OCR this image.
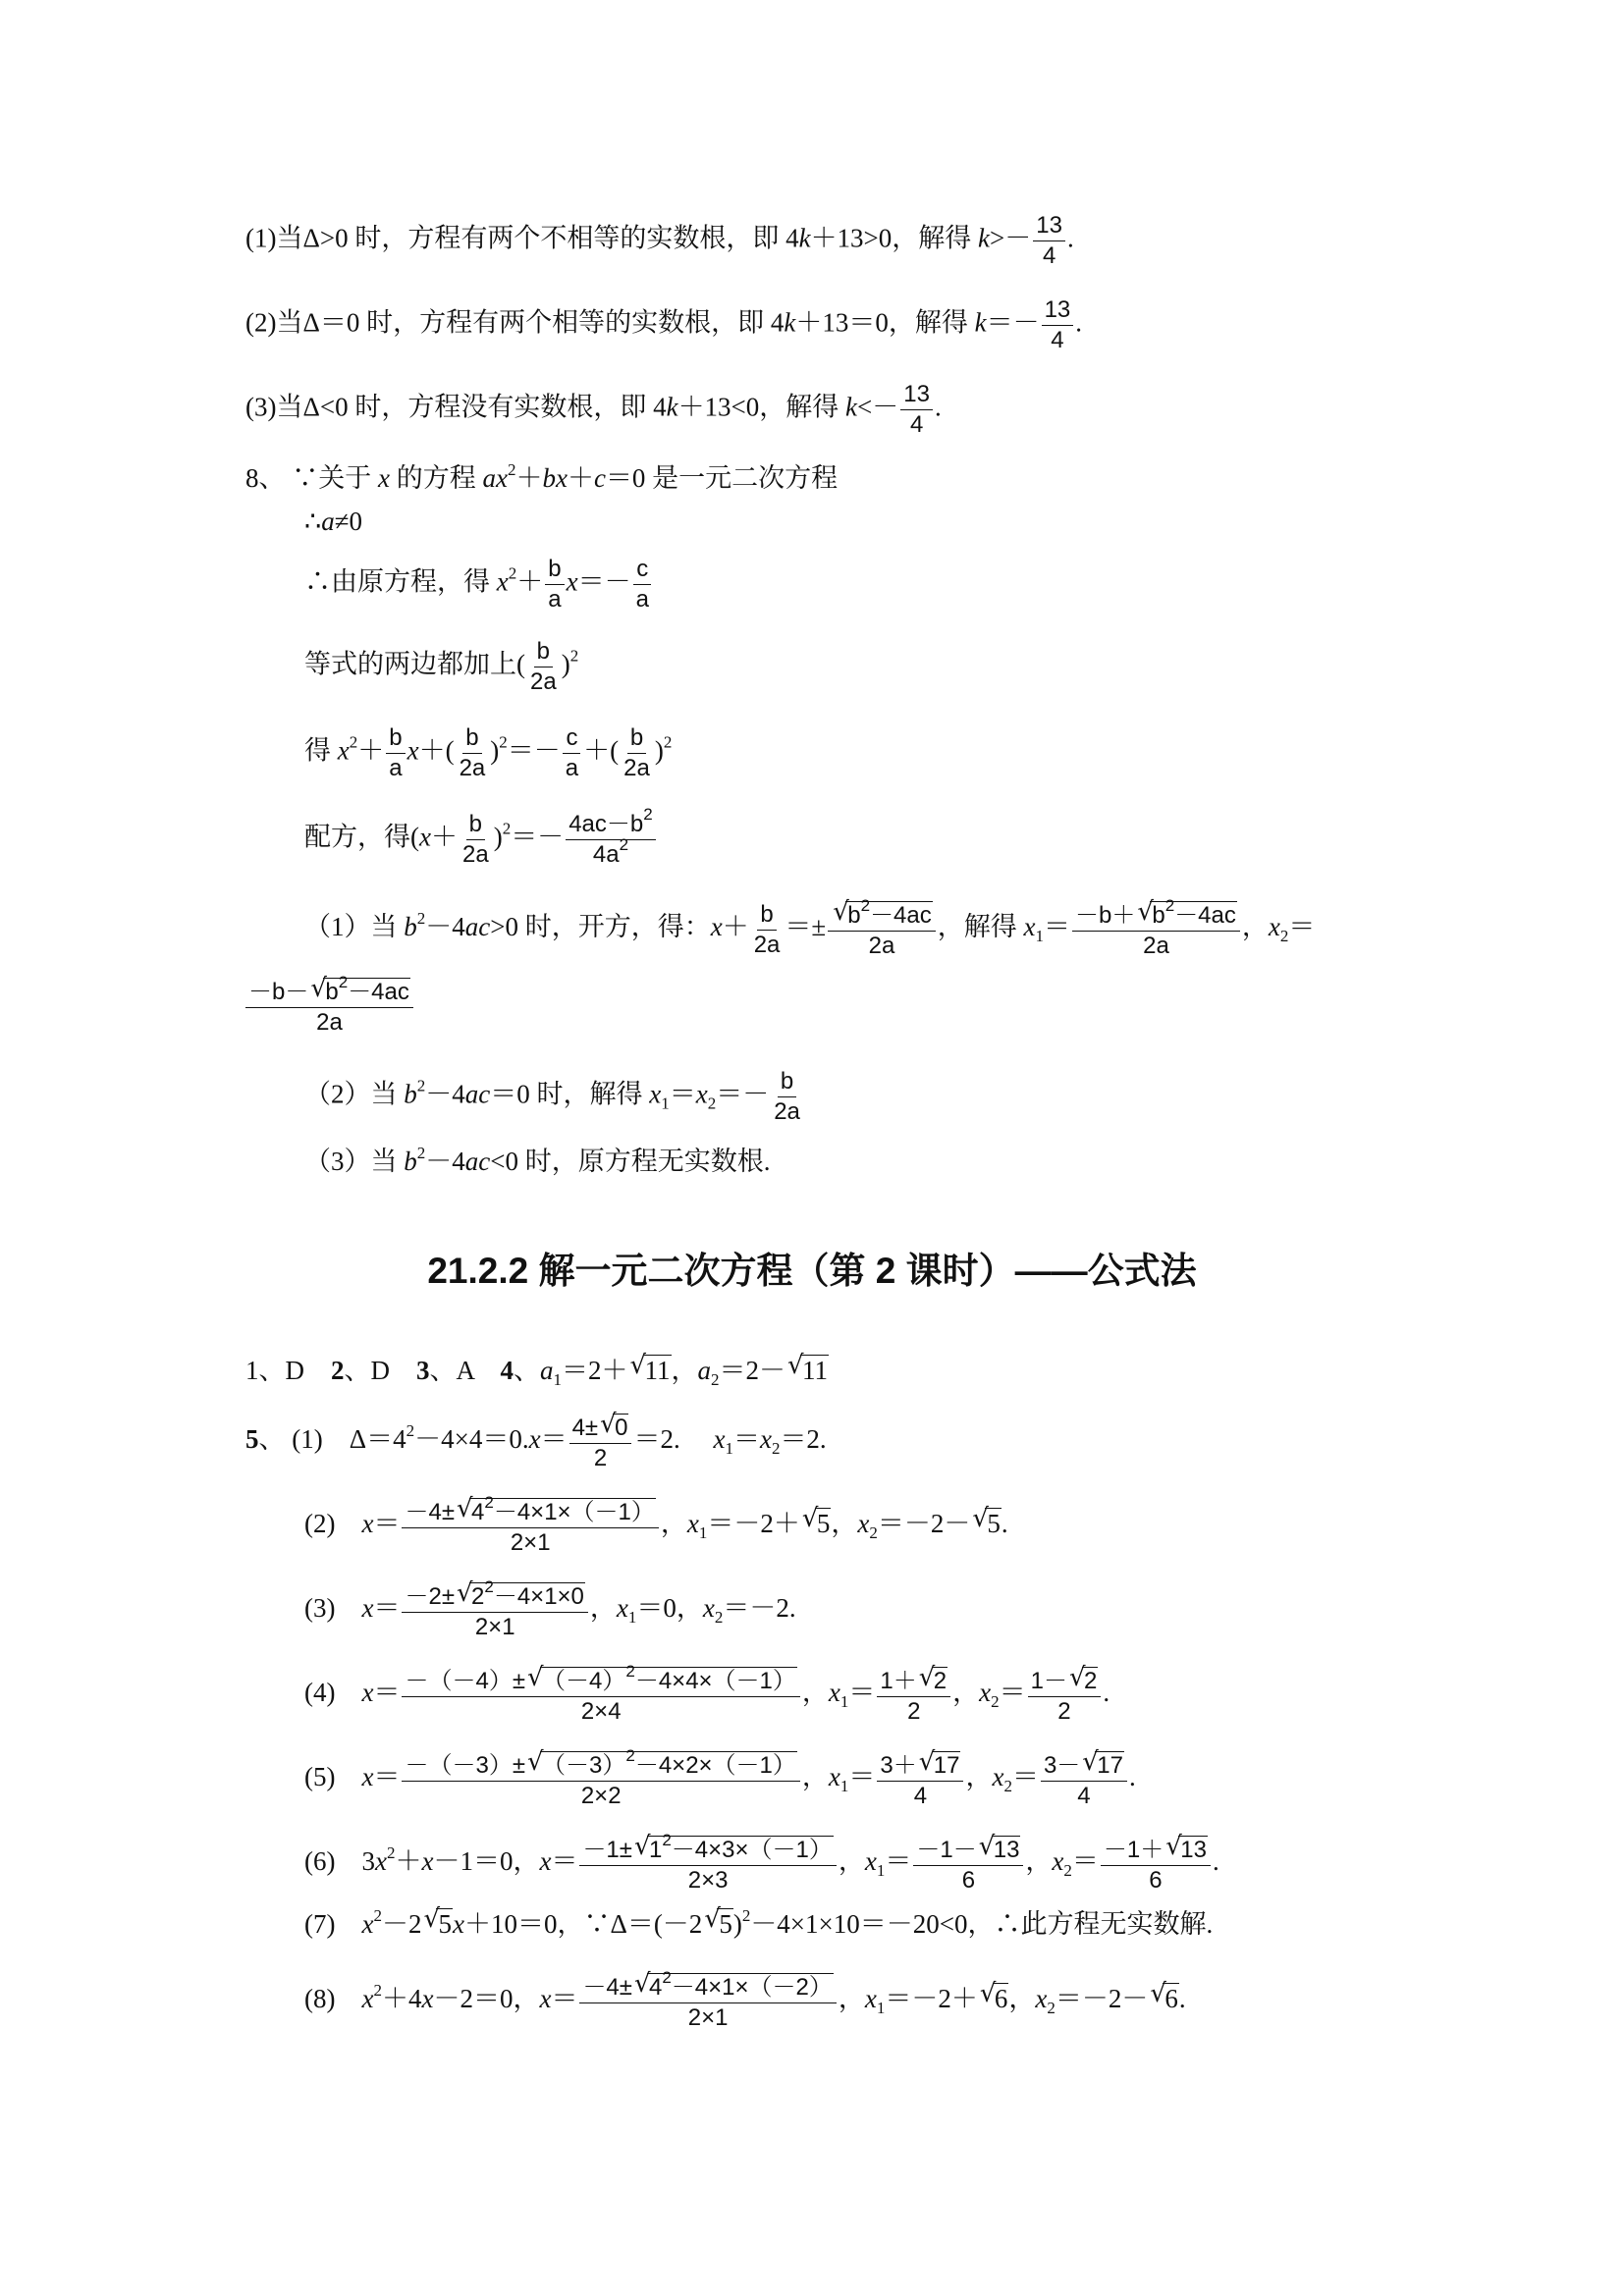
(1)当Δ>0 时，方程有两个不相等的实数根，即 4k＋13>0，解得 $k>- \frac{13}{4}$ .
(2)当Δ＝0 时，方程有两个相等的实数根，即 4k＋13＝0，解得 $k=- \frac{13}{4}$ .
(3)当Δ<0 时，方程没有实数根，即 4k＋13<0，解得 $k<- \frac{13}{4}$ .
8、 ∵关于 x 的方程 $ax^2+bx+c=0$ 是一元二次方程
∴a≠0
∴由原方程，得 $x^2+ \frac{b}{a} x=- \frac{c}{a}$
等式的两边都加上( $\frac{b}{2a} )^2$
得 $x^2+ \frac{b}{a} x+( \frac{b}{2a} )^2=- \frac{c}{a}$ ＋( $\frac{b}{2a} )^2$
配方，得$(x+ \frac{b}{2a} )^2=- \frac{4ac-b^2}{4a^2}$
（1）当 $b^2-4ac>0$ 时，开方，得：$x+ \frac{b}{2a}$ ＝±
√ $\frac{b^2-4ac}{2a}$ ，解得 $x_1= \frac{-b+√ b^2-4ac}{2a}$ ，$x_2=$
$\frac{-b-√ b^2-4ac}{2a}$
（2）当 $b^2-4ac=0$ 时，解得 $x_1=x_2=- \frac{b}{2a}$
（3）当 $b^2-4ac<0$ 时，原方程无实数根.
21.2.2 解一元二次方程（第 2 课时）——公式法
1、D　2、D　3、A　4、$a_1=2+√$ 11，$a_2=2-√$ 11
5、 (1)　$\Delta=4^2-4\times 4=0.x= \frac{4\pm√ 0}{2} =2$.　 $x_1=x_2=2$.
(2)　$x= \frac{-4\pm√ 4^2-4\times 1\times(-1)}{2\times 1}$ ，$x_1=-2+√$ 5，$x_2=-2-√$ 5.
(3)　$x= \frac{-2\pm√ 2^2-4\times 1\times 0}{2\times 1}$ ，$x_1=0$，$x_2=-2$.
(4)　$x= \frac{-(-4)\pm√ (-4)^2-4\times 4\times(-1)}{2\times 4}$ ，$x_1= \frac{1+√ 2}{2}$ ，$x_2= \frac{1-√ 2}{2}$ .
(5)　$x= \frac{-(-3)\pm√ (-3)^2-4\times 2\times(-1)}{2\times 2}$ ，$x_1= \frac{3+√ 17}{4}$ ，$x_2= \frac{3-√ 17}{4}$ .
(6)　$3x^2+x-1=0$，$x= \frac{-1\pm√ 1^2-4\times 3\times(-1)}{2\times 3}$ ，$x_1= \frac{-1-√ 13}{6}$ ，$x_2= \frac{-1+√ 13}{6}$ .
(7)　$x^2-2√$ 5x＋10＝0，∵Δ＝(－2√ 5)$^2$－4×1×10＝－20<0，∴此方程无实数解.
(8)　$x^2+4x-2=0$，$x= \frac{-4\pm√ 4^2-4\times 1\times(-2)}{2\times 1}$ ，$x_1=-2+√$ 6，$x_2=-2-√$ 6.
